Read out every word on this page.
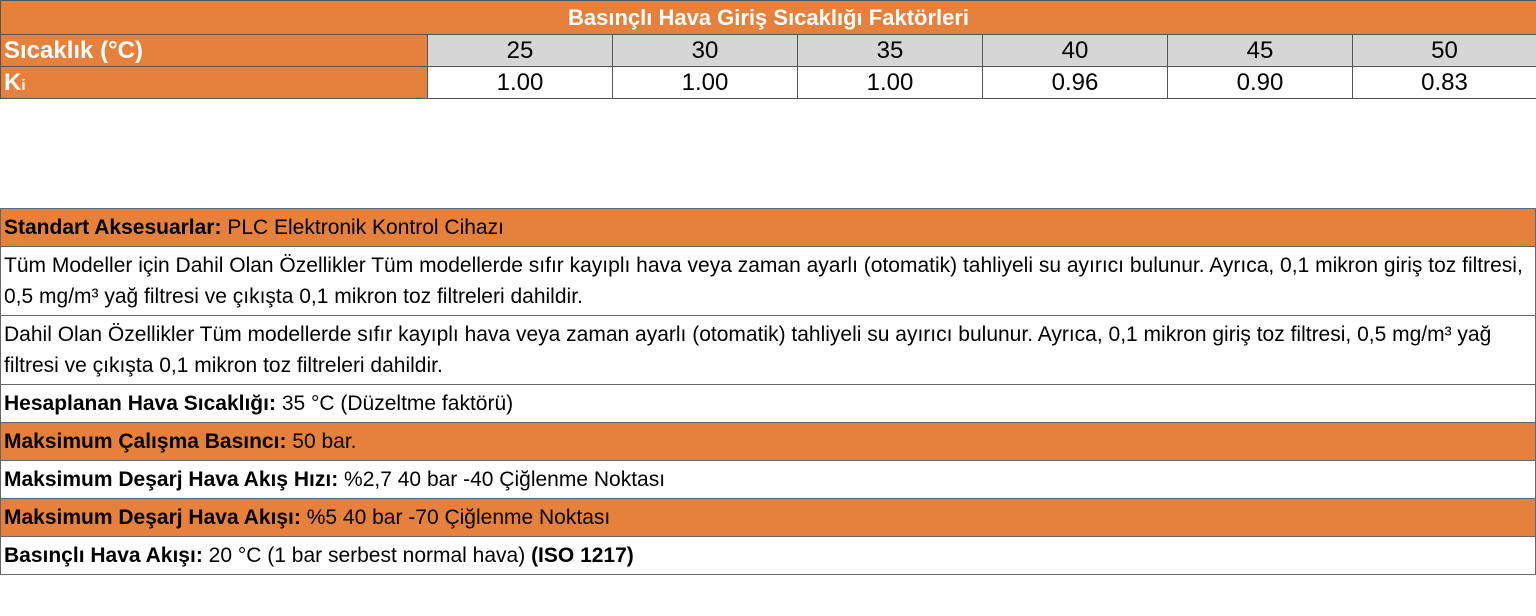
Basınçlı Hava Giriş Sıcaklığı Faktörleri						
Sıcaklık (°C)	25	30	35	40	45	50
Ki	1.00	1.00	1.00	0.96	0.90	0.83
Standart Aksesuarlar: PLC Elektronik Kontrol Cihazı
Tüm Modeller için Dahil Olan Özellikler Tüm modellerde sıfır kayıplı hava veya zaman ayarlı (otomatik) tahliyeli su ayırıcı bulunur. Ayrıca, 0,1 mikron giriş toz filtresi, 0,5 mg/m³ yağ filtresi ve çıkışta 0,1 mikron toz filtreleri dahildir.
Dahil Olan Özellikler Tüm modellerde sıfır kayıplı hava veya zaman ayarlı (otomatik) tahliyeli su ayırıcı bulunur. Ayrıca, 0,1 mikron giriş toz filtresi, 0,5 mg/m³ yağ filtresi ve çıkışta 0,1 mikron toz filtreleri dahildir.
Hesaplanan Hava Sıcaklığı: 35 °C (Düzeltme faktörü)
Maksimum Çalışma Basıncı: 50 bar.
Maksimum Deşarj Hava Akış Hızı: %2,7 40 bar -40 Çiğlenme Noktası
Maksimum Deşarj Hava Akışı: %5 40 bar -70 Çiğlenme Noktası
Basınçlı Hava Akışı: 20 °C (1 bar serbest normal hava) (ISO 1217)
